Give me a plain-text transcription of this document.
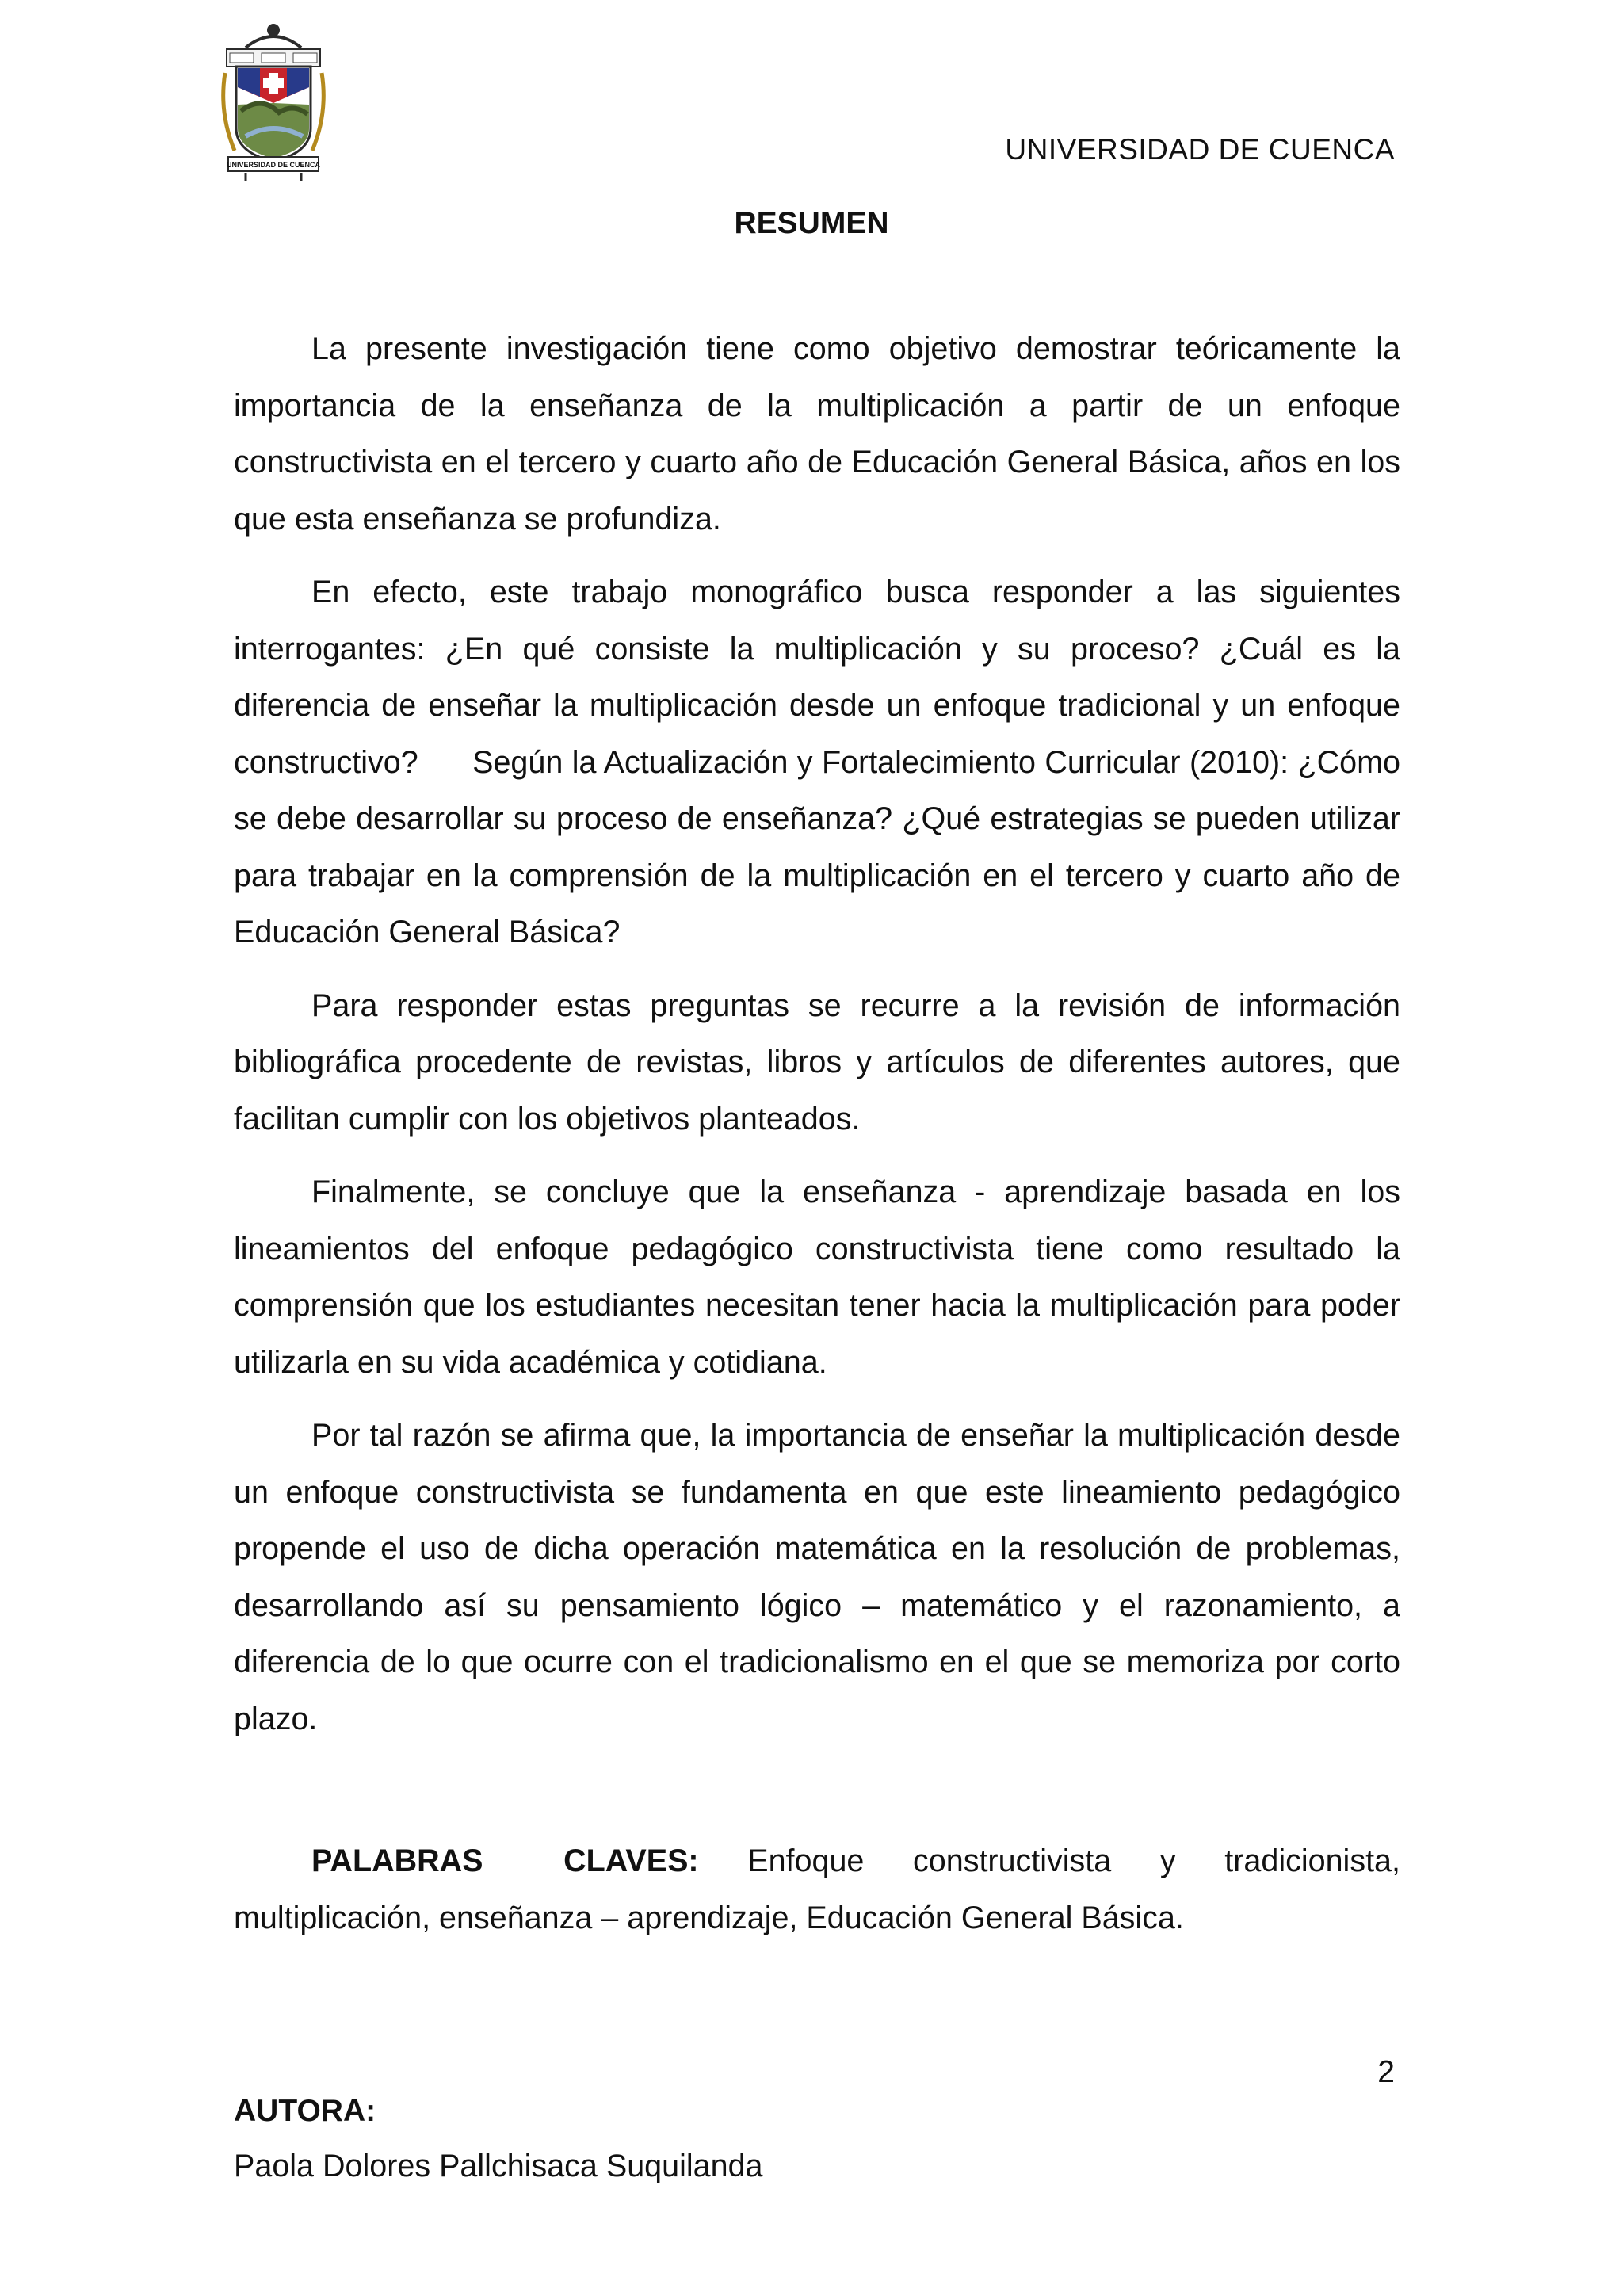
UNIVERSIDAD DE CUENCA	UNIVERSIDAD DE CUENCA
RESUMEN

La presente investigación tiene como objetivo demostrar teóricamente la importancia de la enseñanza de la multiplicación a partir de un enfoque constructivista en el tercero y cuarto año de Educación General Básica, años en los que esta enseñanza se profundiza.

En efecto, este trabajo monográfico busca responder a las siguientes interrogantes: ¿En qué consiste la multiplicación y su proceso? ¿Cuál es la diferencia de enseñar la multiplicación desde un enfoque tradicional y un enfoque constructivo?      Según la Actualización y Fortalecimiento Curricular (2010): ¿Cómo se debe desarrollar su proceso de enseñanza? ¿Qué estrategias se pueden utilizar para trabajar en la comprensión de la multiplicación en el tercero y cuarto año de Educación General Básica?

Para responder estas preguntas se recurre a la revisión de información bibliográfica procedente de revistas, libros y artículos de diferentes autores, que facilitan cumplir con los objetivos planteados.

Finalmente, se concluye que la enseñanza - aprendizaje basada en los lineamientos del enfoque pedagógico constructivista tiene como resultado la comprensión que los estudiantes necesitan tener hacia la multiplicación para poder utilizarla en su vida académica y cotidiana.

Por tal razón se afirma que, la importancia de enseñar la multiplicación desde un enfoque constructivista se fundamenta en que este lineamiento pedagógico propende el uso de dicha operación matemática en la resolución de problemas, desarrollando así su pensamiento lógico – matemático y el razonamiento, a diferencia de lo que ocurre con el tradicionalismo en el que se memoriza por corto plazo.

PALABRAS CLAVES: Enfoque constructivista y tradicionista, multiplicación, enseñanza – aprendizaje, Educación General Básica.

2
AUTORA:
Paola Dolores Pallchisaca Suquilanda
